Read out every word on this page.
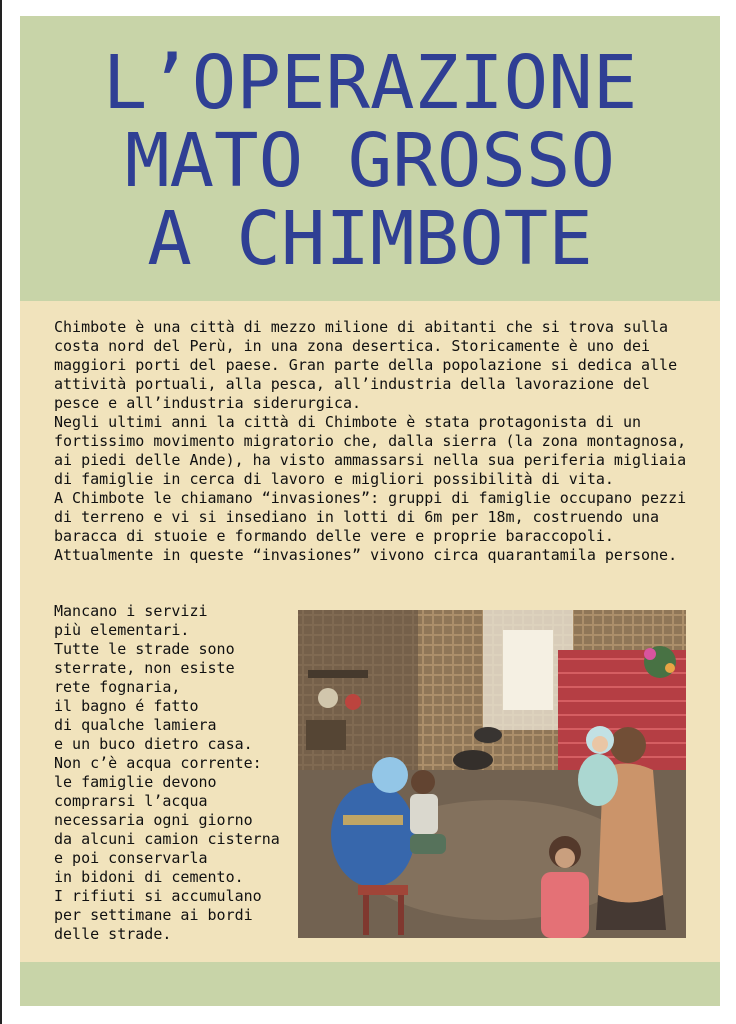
L’OPERAZIONE
MATO GROSSO
A CHIMBOTE

Chimbote è una città di mezzo milione di abitanti che si trova sulla costa nord del Perù, in una zona desertica. Storicamente è uno dei maggiori porti del paese. Gran parte della popolazione si dedica alle attività portuali, alla pesca, all’industria della lavorazione del pesce e all’industria siderurgica.

Negli ultimi anni la città di Chimbote è stata protagonista di un fortissimo movimento migratorio che, dalla sierra (la zona montagnosa, ai piedi delle Ande), ha visto ammassarsi nella sua periferia migliaia di famiglie in cerca di lavoro e migliori possibilità di vita.

A Chimbote le chiamano “invasiones”: gruppi di famiglie occupano pezzi di terreno e vi si insediano in lotti di 6m per 18m, costruendo una baracca di stuoie e formando delle vere e proprie baraccopoli. Attualmente in queste “invasiones” vivono circa quarantamila persone.

Mancano i servizi
più elementari.
Tutte le strade sono
sterrate, non esiste
rete fognaria,
il bagno é fatto
di qualche lamiera
e un buco dietro casa.
Non c’è acqua corrente:
le famiglie devono
comprarsi l’acqua
necessaria ogni giorno
da alcuni camion cisterna
e poi conservarla
in bidoni di cemento.
I rifiuti si accumulano
per settimane ai bordi
delle strade.
